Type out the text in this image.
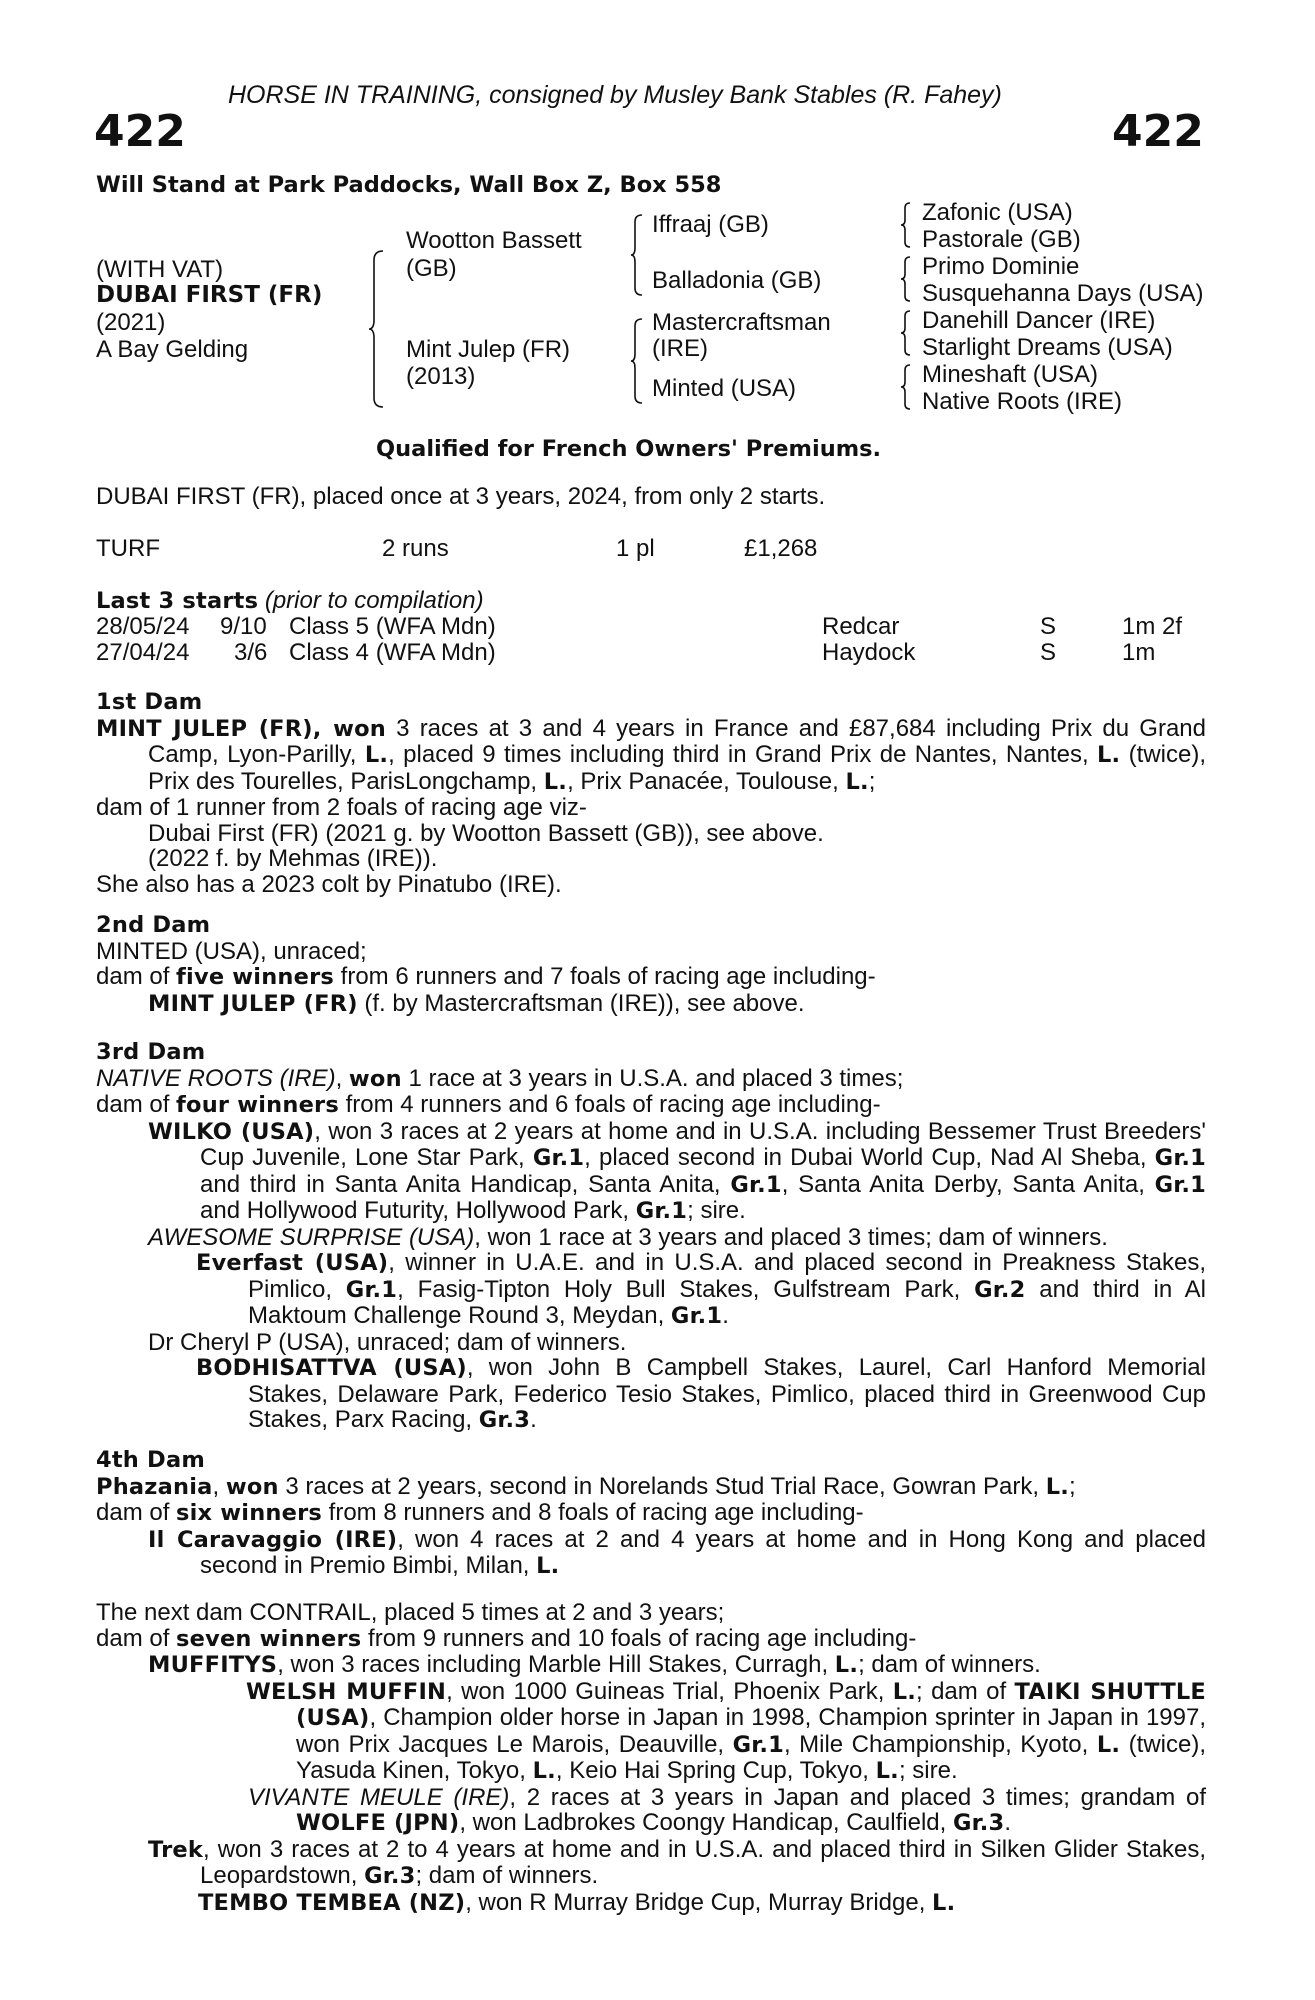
HORSE IN TRAINING, consigned by Musley Bank Stables (R. Fahey)
422	422
Will Stand at Park Paddocks, Wall Box Z, Box 558
(WITH VAT)
DUBAI FIRST (FR)
(2021)
A Bay Gelding
Wootton Bassett
(GB)
Mint Julep (FR)
(2013)
Iffraaj (GB)
Balladonia (GB)
Mastercraftsman
(IRE)
Minted (USA)
Zafonic (USA)
Pastorale (GB)
Primo Dominie
Susquehanna Days (USA)
Danehill Dancer (IRE)
Starlight Dreams (USA)
Mineshaft (USA)
Native Roots (IRE)
Qualified for French Owners' Premiums.
DUBAI FIRST (FR), placed once at 3 years, 2024, from only 2 starts.
TURF	2 runs	1 pl	£1,268
Last 3 starts (prior to compilation)
28/05/24 9/10 Class 5 (WFA Mdn)	Redcar	S	1m 2f
27/04/24 3/6 Class 4 (WFA Mdn)	Haydock	S	1m

1st Dam

MINT JULEP (FR), won 3 races at 3 and 4 years in France and £87,684 including Prix du Grand Camp, Lyon-Parilly, L., placed 9 times including third in Grand Prix de Nantes, Nantes, L. (twice), Prix des Tourelles, ParisLongchamp, L., Prix Panacée, Toulouse, L.;

dam of 1 runner from 2 foals of racing age viz-

Dubai First (FR) (2021 g. by Wootton Bassett (GB)), see above.

(2022 f. by Mehmas (IRE)).

She also has a 2023 colt by Pinatubo (IRE).

2nd Dam

MINTED (USA), unraced;

dam of five winners from 6 runners and 7 foals of racing age including-

MINT JULEP (FR) (f. by Mastercraftsman (IRE)), see above.

3rd Dam

NATIVE ROOTS (IRE), won 1 race at 3 years in U.S.A. and placed 3 times;

dam of four winners from 4 runners and 6 foals of racing age including-

WILKO (USA), won 3 races at 2 years at home and in U.S.A. including Bessemer Trust Breeders' Cup Juvenile, Lone Star Park, Gr.1, placed second in Dubai World Cup, Nad Al Sheba, Gr.1 and third in Santa Anita Handicap, Santa Anita, Gr.1, Santa Anita Derby, Santa Anita, Gr.1 and Hollywood Futurity, Hollywood Park, Gr.1; sire.

AWESOME SURPRISE (USA), won 1 race at 3 years and placed 3 times; dam of winners.

Everfast (USA), winner in U.A.E. and in U.S.A. and placed second in Preakness Stakes, Pimlico, Gr.1, Fasig-Tipton Holy Bull Stakes, Gulfstream Park, Gr.2 and third in Al Maktoum Challenge Round 3, Meydan, Gr.1.

Dr Cheryl P (USA), unraced; dam of winners.

BODHISATTVA (USA), won John B Campbell Stakes, Laurel, Carl Hanford Memorial Stakes, Delaware Park, Federico Tesio Stakes, Pimlico, placed third in Greenwood Cup Stakes, Parx Racing, Gr.3.

4th Dam

Phazania, won 3 races at 2 years, second in Norelands Stud Trial Race, Gowran Park, L.;

dam of six winners from 8 runners and 8 foals of racing age including-

Il Caravaggio (IRE), won 4 races at 2 and 4 years at home and in Hong Kong and placed second in Premio Bimbi, Milan, L.

The next dam CONTRAIL, placed 5 times at 2 and 3 years;

dam of seven winners from 9 runners and 10 foals of racing age including-

MUFFITYS, won 3 races including Marble Hill Stakes, Curragh, L.; dam of winners.

WELSH MUFFIN, won 1000 Guineas Trial, Phoenix Park, L.; dam of TAIKI SHUTTLE (USA), Champion older horse in Japan in 1998, Champion sprinter in Japan in 1997, won Prix Jacques Le Marois, Deauville, Gr.1, Mile Championship, Kyoto, L. (twice), Yasuda Kinen, Tokyo, L., Keio Hai Spring Cup, Tokyo, L.; sire.

VIVANTE MEULE (IRE), 2 races at 3 years in Japan and placed 3 times; grandam of WOLFE (JPN), won Ladbrokes Coongy Handicap, Caulfield, Gr.3.

Trek, won 3 races at 2 to 4 years at home and in U.S.A. and placed third in Silken Glider Stakes, Leopardstown, Gr.3; dam of winners.

TEMBO TEMBEA (NZ), won R Murray Bridge Cup, Murray Bridge, L.
